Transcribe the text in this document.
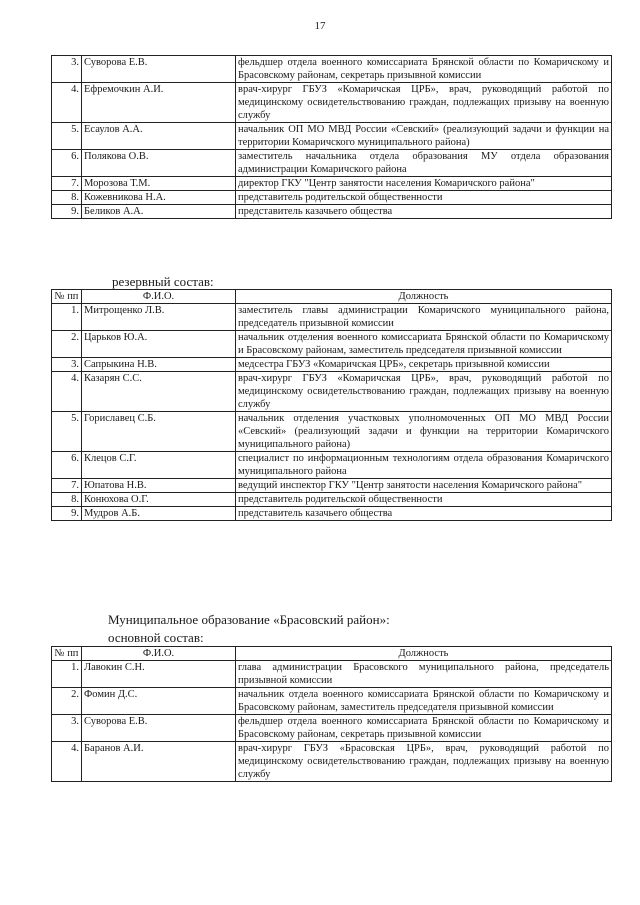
17
3.	Суворова Е.В.	фельдшер отдела военного комиссариата Брянской области по Комаричскому и Брасовскому районам, секретарь призывной комиссии
4.	Ефремочкин А.И.	врач-хирург ГБУЗ «Комаричская ЦРБ», врач, руководящий работой по медицинскому освидетельствованию граждан, подлежащих призыву на военную службу
5.	Есаулов А.А.	начальник ОП МО МВД России «Севский» (реализующий задачи и функции на территории Комаричского муниципального района)
6.	Полякова О.В.	заместитель начальника отдела образования МУ отдела образования администрации Комаричского района
7.	Морозова Т.М.	директор ГКУ "Центр занятости населения Комаричского района"
8.	Кожевникова Н.А.	представитель родительской общественности
9.	Беликов А.А.	представитель казачьего общества
резервный состав:
№ пп	Ф.И.О.	Должность
1.	Митрощенко Л.В.	заместитель главы администрации Комаричского муниципального района, председатель призывной комиссии
2.	Царьков Ю.А.	начальник отделения военного комиссариата Брянской области по Комаричскому и Брасовскому районам, заместитель председателя призывной комиссии
3.	Сапрыкина Н.В.	медсестра ГБУЗ «Комаричская ЦРБ», секретарь призывной комиссии
4.	Казарян С.С.	врач-хирург ГБУЗ «Комаричская ЦРБ», врач, руководящий работой по медицинскому освидетельствованию граждан, подлежащих призыву на военную службу
5.	Гориславец С.Б.	начальник отделения участковых уполномоченных ОП МО МВД России «Севский» (реализующий задачи и функции на территории Комаричского муниципального района)
6.	Клецов С.Г.	специалист по информационным технологиям отдела образования Комаричского муниципального района
7.	Юпатова Н.В.	ведущий инспектор ГКУ "Центр занятости населения Комаричского района"
8.	Конюхова О.Г.	представитель родительской общественности
9.	Мудров А.Б.	представитель казачьего общества
Муниципальное образование «Брасовский район»:
основной состав:
№ пп	Ф.И.О.	Должность
1.	Лавокин С.Н.	глава администрации Брасовского муниципального района, председатель призывной комиссии
2.	Фомин Д.С.	начальник отдела военного комиссариата Брянской области по Комаричскому и Брасовскому районам, заместитель председателя призывной комиссии
3.	Суворова Е.В.	фельдшер отдела военного комиссариата Брянской области по Комаричскому и Брасовскому районам, секретарь призывной комиссии
4.	Баранов А.И.	врач-хирург ГБУЗ «Брасовская ЦРБ», врач, руководящий работой по медицинскому освидетельствованию граждан, подлежащих призыву на военную службу
